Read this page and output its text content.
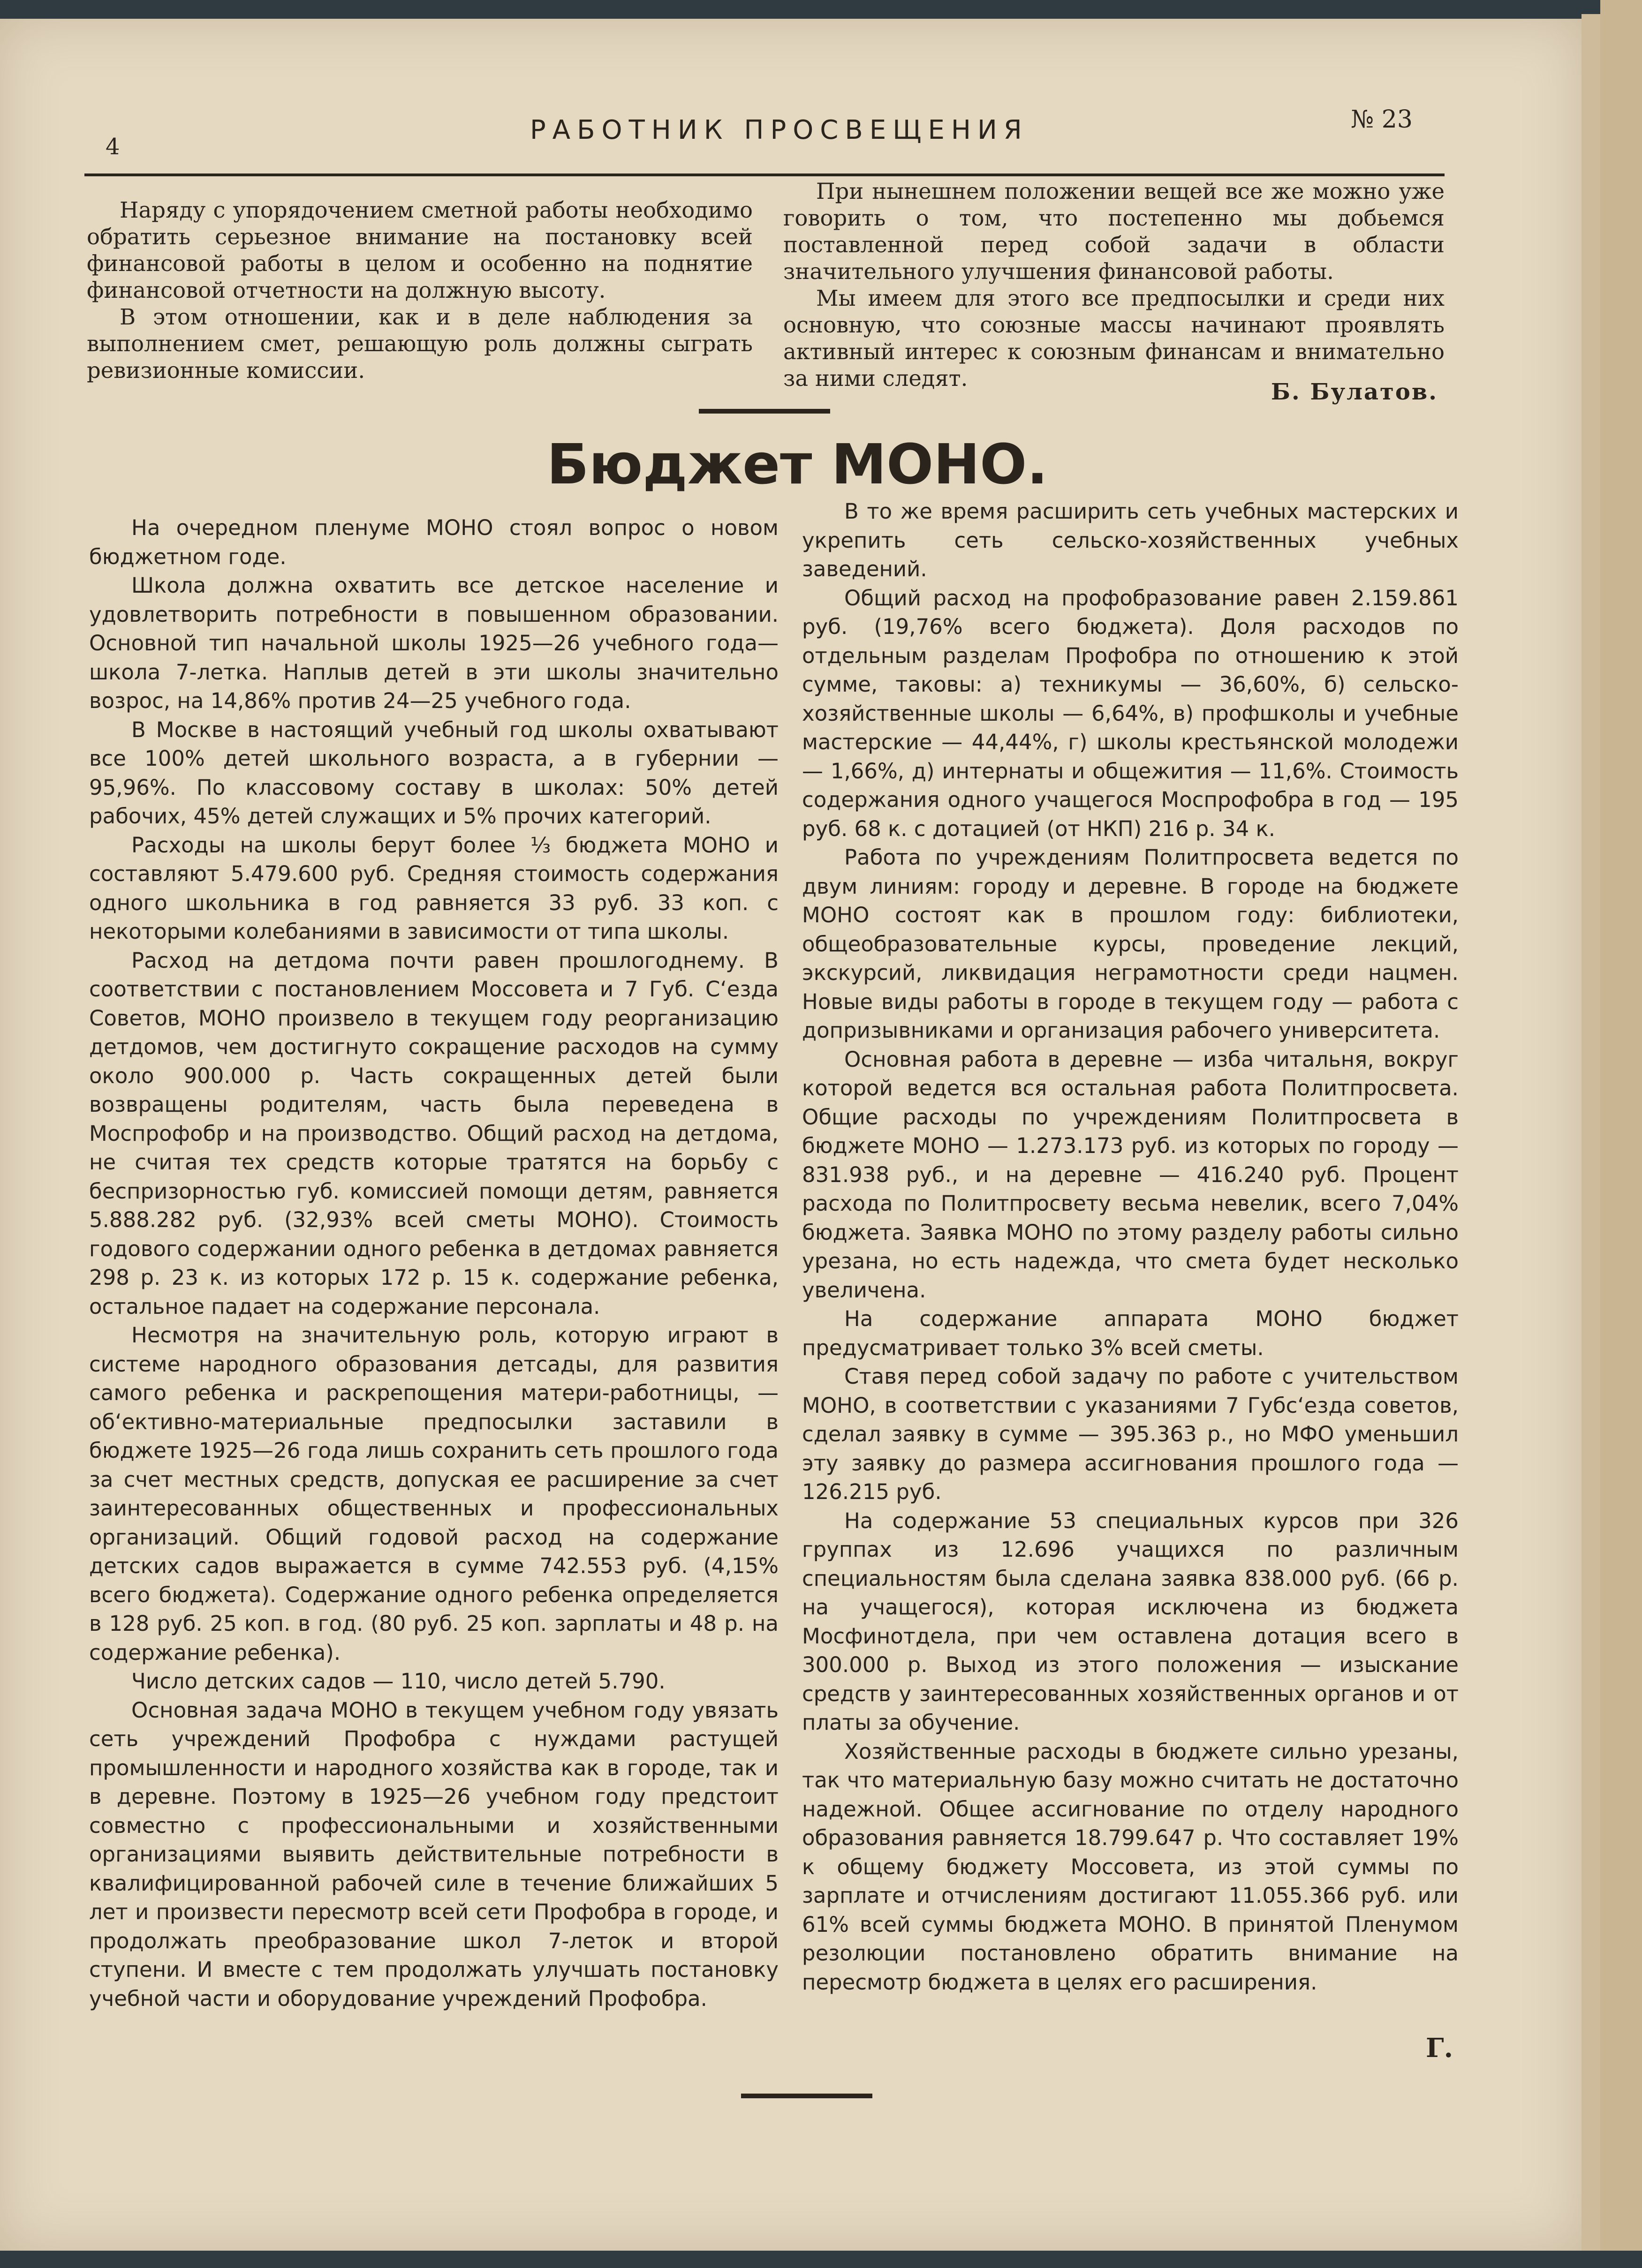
4
РАБОТНИК ПРОСВЕЩЕНИЯ	№ 23

Наряду с упорядочением сметной работы необходимо обратить серьезное внимание на постановку всей финансовой работы в целом и особенно на поднятие финансовой отчетности на должную высоту.

В этом отношении, как и в деле наблюдения за выполнением смет, решающую роль должны сыграть ревизионные комиссии.

При нынешнем положении вещей все же можно уже говорить о том, что постепенно мы добьемся поставленной перед собой задачи в области значительного улучшения финансовой работы.

Мы имеем для этого все предпосылки и среди них основную, что союзные массы начинают проявлять активный интерес к союзным финансам и внимательно за ними следят.

Б. Булатов.
Бюджет МОНО.

На очередном пленуме МОНО стоял вопрос о новом бюджетном годе.

Школа должна охватить все детское население и удовлетворить потребности в повышенном образовании. Основной тип начальной школы 1925—26 учебного года—школа 7-летка. Наплыв детей в эти школы значительно возрос, на 14,86% против 24—25 учебного года.

В Москве в настоящий учебный год школы охватывают все 100% детей школьного возраста, а в губернии — 95,96%. По классовому составу в школах: 50% детей рабочих, 45% детей служащих и 5% прочих категорий.

Расходы на школы берут более ⅓ бюджета МОНО и составляют 5.479.600 руб. Средняя стоимость содержания одного школьника в год равняется 33 руб. 33 коп. с некоторыми колебаниями в зависимости от типа школы.

Расход на детдома почти равен прошлогоднему. В соответствии с постановлением Моссовета и 7 Губ. С‘езда Советов, МОНО произвело в текущем году реорганизацию детдомов, чем достигнуто сокращение расходов на сумму около 900.000 р. Часть сокращенных детей были возвращены родителям, часть была переведена в Моспрофобр и на производство. Общий расход на детдома, не считая тех средств которые тратятся на борьбу с беспризорностью губ. комиссией помощи детям, равняется 5.888.282 руб. (32,93% всей сметы МОНО). Стоимость годового содержании одного ребенка в детдомах равняется 298 р. 23 к. из которых 172 р. 15 к. содержание ребенка, остальное падает на содержание персонала.

Несмотря на значительную роль, которую играют в системе народного образования детсады, для развития самого ребенка и раскрепощения матери-работницы, — об‘ективно-материальные предпосылки заставили в бюджете 1925—26 года лишь сохранить сеть прошлого года за счет местных средств, допуская ее расширение за счет заинтересованных общественных и профессиональных организаций. Общий годовой расход на содержание детских садов выражается в сумме 742.553 руб. (4,15% всего бюджета). Содержание одного ребенка определяется в 128 руб. 25 коп. в год. (80 руб. 25 коп. зарплаты и 48 р. на содержание ребенка).

Число детских садов — 110, число детей 5.790.

Основная задача МОНО в текущем учебном году увязать сеть учреждений Профобра с нуждами растущей промышленности и народного хозяйства как в городе, так и в деревне. Поэтому в 1925—26 учебном году предстоит совместно с профессиональными и хозяйственными организациями выявить действительные потребности в квалифицированной рабочей силе в течение ближайших 5 лет и произвести пересмотр всей сети Профобра в городе, и продолжать преобразование школ 7-леток и второй ступени. И вместе с тем продолжать улучшать постановку учебной части и оборудование учреждений Профобра.

В то же время расширить сеть учебных мастерских и укрепить сеть сельско-хозяйственных учебных заведений.

Общий расход на профобразование равен 2.159.861 руб. (19,76% всего бюджета). Доля расходов по отдельным разделам Профобра по отношению к этой сумме, таковы: а) техникумы — 36,60%, б) сельско-хозяйственные школы — 6,64%, в) профшколы и учебные мастерские — 44,44%, г) школы крестьянской молодежи — 1,66%, д) интернаты и общежития — 11,6%. Стоимость содержания одного учащегося Моспрофобра в год — 195 руб. 68 к. с дотацией (от НКП) 216 р. 34 к.

Работа по учреждениям Политпросвета ведется по двум линиям: городу и деревне. В городе на бюджете МОНО состоят как в прошлом году: библиотеки, общеобразовательные курсы, проведение лекций, экскурсий, ликвидация неграмотности среди нацмен. Новые виды работы в городе в текущем году — работа с допризывниками и организация рабочего университета.

Основная работа в деревне — изба читальня, вокруг которой ведется вся остальная работа Политпросвета. Общие расходы по учреждениям Политпросвета в бюджете МОНО — 1.273.173 руб. из которых по городу — 831.938 руб., и на деревне — 416.240 руб. Процент расхода по Политпросвету весьма невелик, всего 7,04% бюджета. Заявка МОНО по этому разделу работы сильно урезана, но есть надежда, что смета будет несколько увеличена.

На содержание аппарата МОНО бюджет предусматривает только 3% всей сметы.

Ставя перед собой задачу по работе с учительством МОНО, в соответствии с указаниями 7 Губс‘езда советов, сделал заявку в сумме — 395.363 р., но МФО уменьшил эту заявку до размера ассигнования прошлого года — 126.215 руб.

На содержание 53 специальных курсов при 326 группах из 12.696 учащихся по различным специальностям была сделана заявка 838.000 руб. (66 р. на учащегося), которая исключена из бюджета Мосфинотдела, при чем оставлена дотация всего в 300.000 р. Выход из этого положения — изыскание средств у заинтересованных хозяйственных органов и от платы за обучение.

Хозяйственные расходы в бюджете сильно урезаны, так что материальную базу можно считать не достаточно надежной. Общее ассигнование по отделу народного образования равняется 18.799.647 р. Что составляет 19% к общему бюджету Моссовета, из этой суммы по зарплате и отчислениям достигают 11.055.366 руб. или 61% всей суммы бюджета МОНО. В принятой Пленумом резолюции постановлено обратить внимание на пересмотр бюджета в целях его расширения.

Г.
